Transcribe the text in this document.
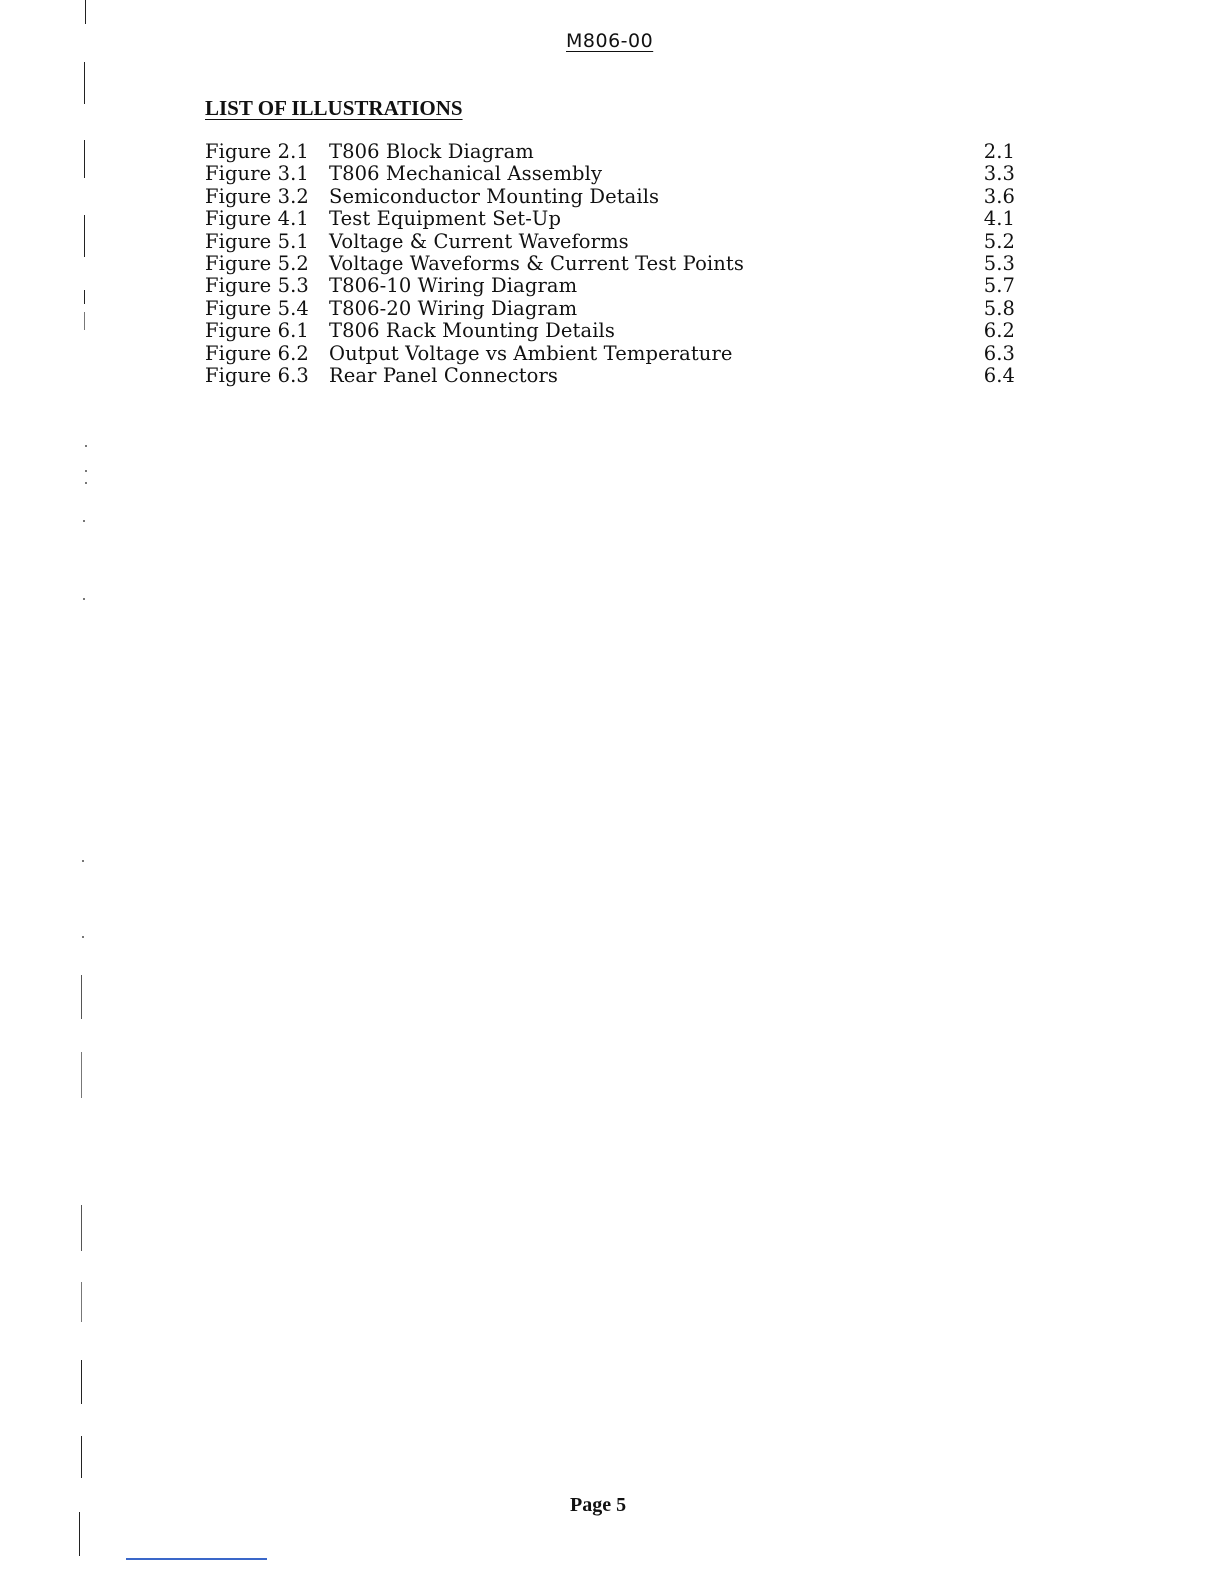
M806-00
LIST OF ILLUSTRATIONS
Figure 2.1	T806 Block Diagram	2.1
Figure 3.1	T806 Mechanical Assembly	3.3
Figure 3.2	Semiconductor Mounting Details	3.6
Figure 4.1	Test Equipment Set-Up	4.1
Figure 5.1	Voltage & Current Waveforms	5.2
Figure 5.2	Voltage Waveforms & Current Test Points	5.3
Figure 5.3	T806-10 Wiring Diagram	5.7
Figure 5.4	T806-20 Wiring Diagram	5.8
Figure 6.1	T806 Rack Mounting Details	6.2
Figure 6.2	Output Voltage vs Ambient Temperature	6.3
Figure 6.3	Rear Panel Connectors	6.4
Page 5
